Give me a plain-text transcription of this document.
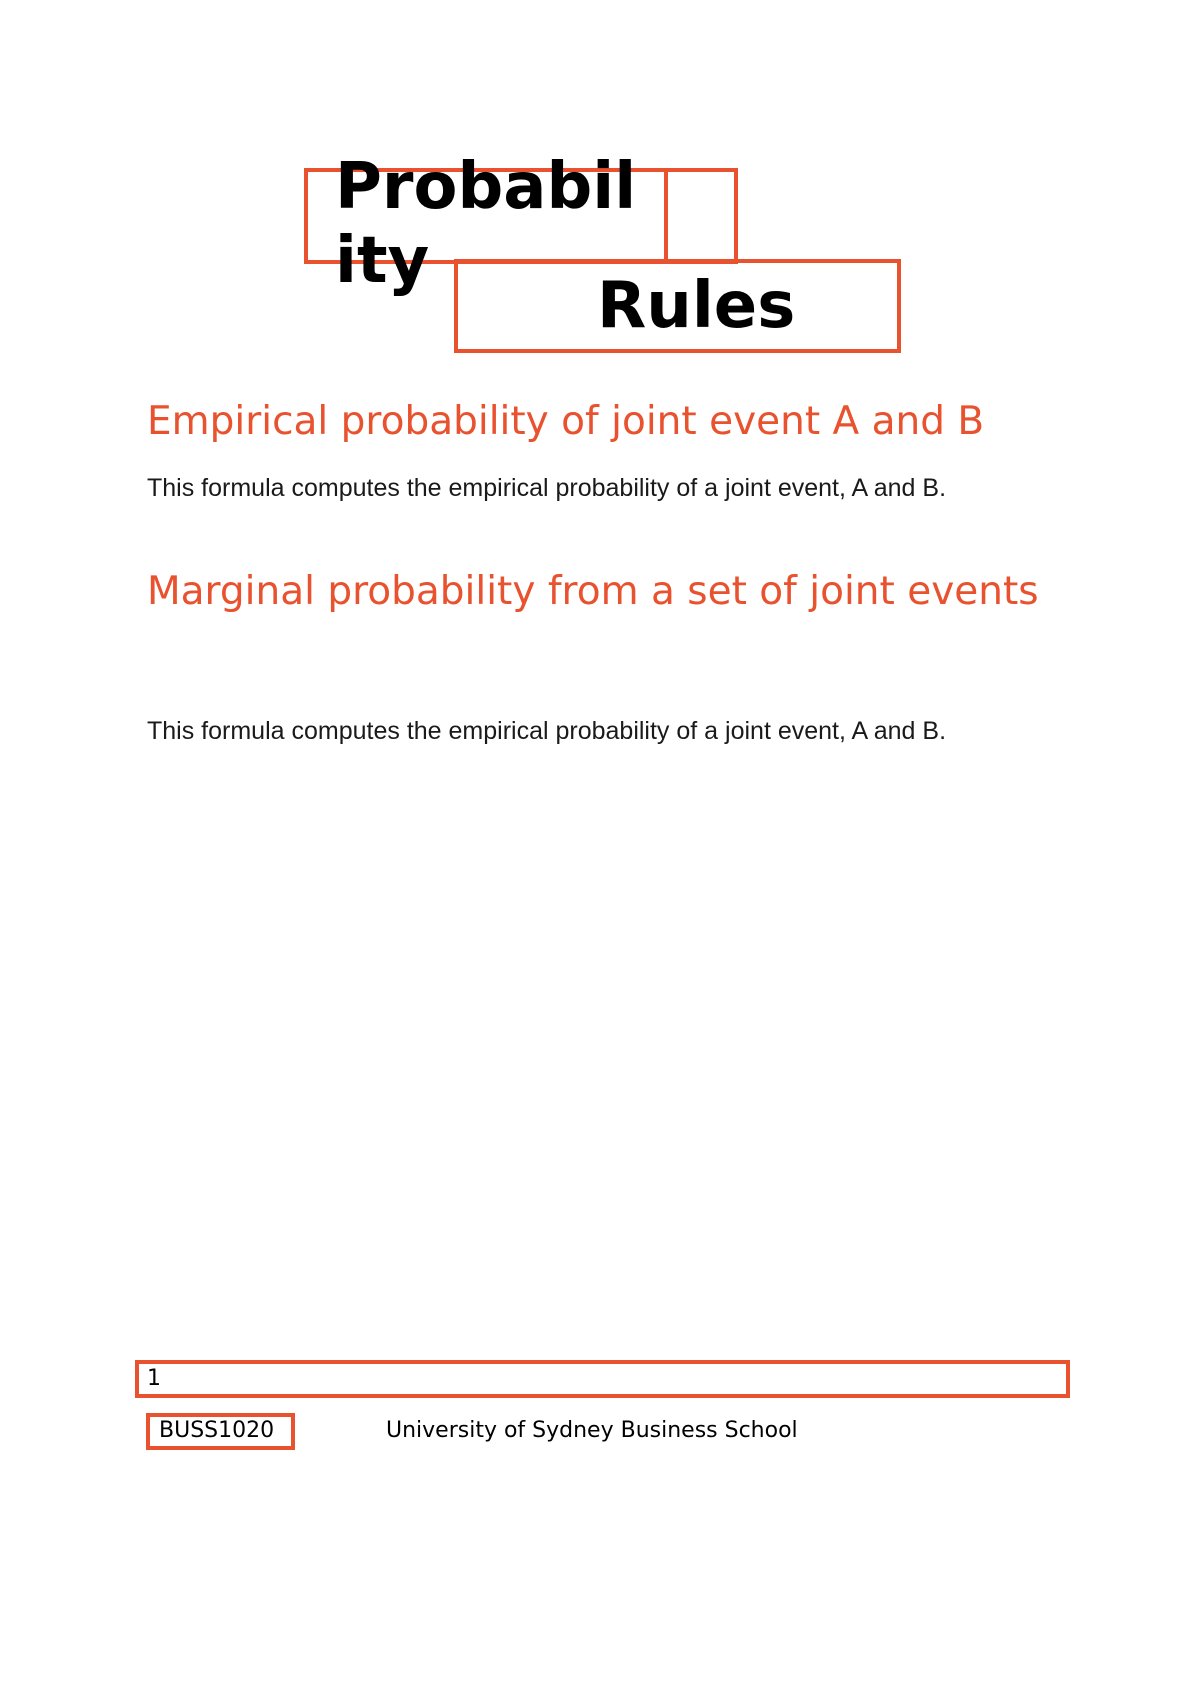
Probability
Rules
Empirical probability of joint event A and B

This formula computes the empirical probability of a joint event, A and B.

Marginal probability from a set of joint events

This formula computes the empirical probability of a joint event, A and B.

1
BUSS1020	University of Sydney Business School
